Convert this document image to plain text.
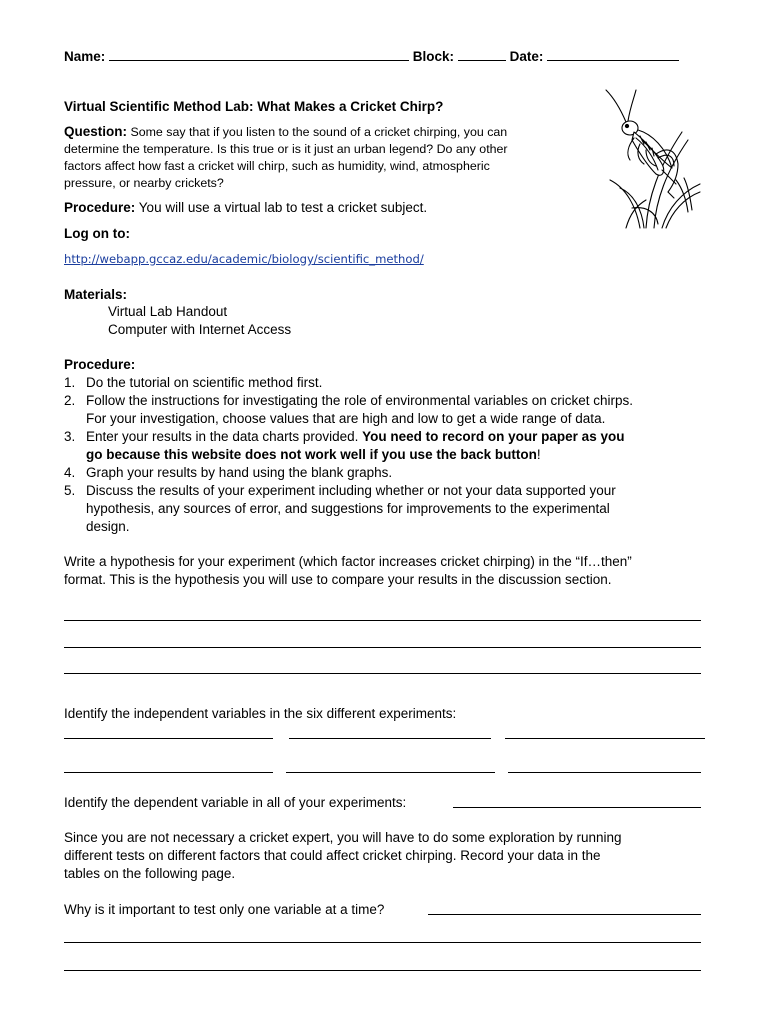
Name:	Block:	Date:
Virtual Scientific Method Lab: What Makes a Cricket Chirp?
Question: Some say that if you listen to the sound of a cricket chirping, you can
determine the temperature. Is this true or is it just an urban legend? Do any other
factors affect how fast a cricket will chirp, such as humidity, wind, atmospheric
pressure, or nearby crickets?
Procedure: You will use a virtual lab to test a cricket subject.
Log on to:
http://webapp.gccaz.edu/academic/biology/scientific_method/
Materials:
Virtual Lab Handout
Computer with Internet Access
Procedure:
1. Do the tutorial on scientific method first.
2. Follow the instructions for investigating the role of environmental variables on cricket chirps.
For your investigation, choose values that are high and low to get a wide range of data.
3. Enter your results in the data charts provided. You need to record on your paper as you
go because this website does not work well if you use the back button!
4. Graph your results by hand using the blank graphs.
5. Discuss the results of your experiment including whether or not your data supported your
hypothesis, any sources of error, and suggestions for improvements to the experimental
design.
Write a hypothesis for your experiment (which factor increases cricket chirping) in the “If…then”
format. This is the hypothesis you will use to compare your results in the discussion section.
Identify the independent variables in the six different experiments:
Identify the dependent variable in all of your experiments:
Since you are not necessary a cricket expert, you will have to do some exploration by running
different tests on different factors that could affect cricket chirping. Record your data in the
tables on the following page.
Why is it important to test only one variable at a time?
